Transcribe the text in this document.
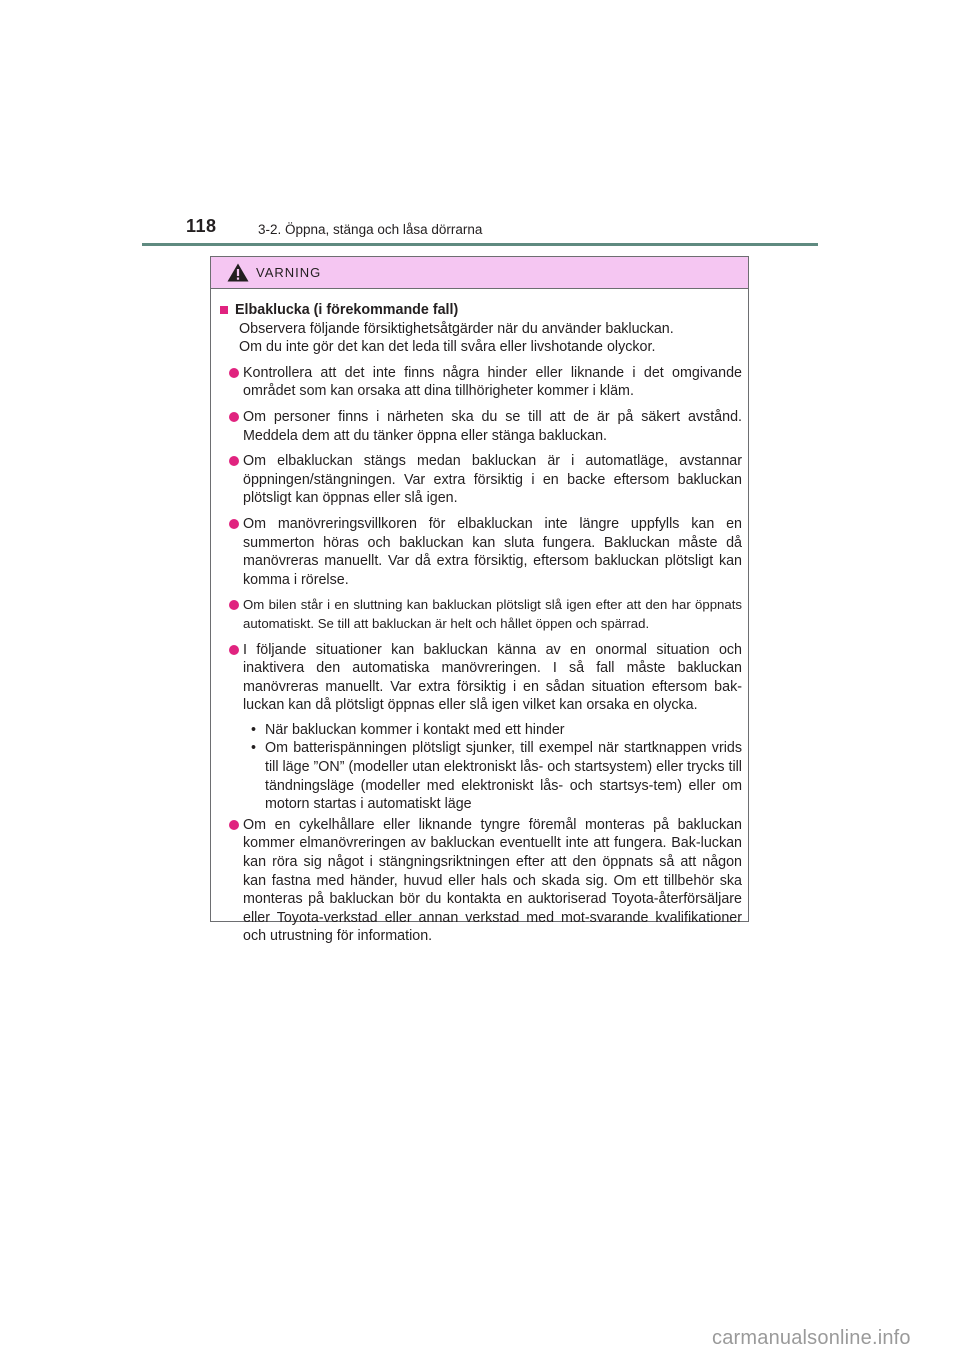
118	3-2. Öppna, stänga och låsa dörrarna
VARNING
Elbaklucka (i förekommande fall)
Observera följande försiktighetsåtgärder när du använder bakluckan.
Om du inte gör det kan det leda till svåra eller livshotande olyckor.
Kontrollera att det inte finns några hinder eller liknande i det omgivande området som kan orsaka att dina tillhörigheter kommer i kläm.
Om personer finns i närheten ska du se till att de är på säkert avstånd. Meddela dem att du tänker öppna eller stänga bakluckan.
Om elbakluckan stängs medan bakluckan är i automatläge, avstannar öppningen/stängningen. Var extra försiktig i en backe eftersom bakluckan plötsligt kan öppnas eller slå igen.
Om manövreringsvillkoren för elbakluckan inte längre uppfylls kan en summerton höras och bakluckan kan sluta fungera. Bakluckan måste då manövreras manuellt. Var då extra försiktig, eftersom bakluckan plötsligt kan komma i rörelse.
Om bilen står i en sluttning kan bakluckan plötsligt slå igen efter att den har öppnats automatiskt. Se till att bakluckan är helt och hållet öppen och spärrad.
I följande situationer kan bakluckan känna av en onormal situation och inaktivera den automatiska manövreringen. I så fall måste bakluckan manövreras manuellt. Var extra försiktig i en sådan situation eftersom bak-luckan kan då plötsligt öppnas eller slå igen vilket kan orsaka en olycka.
• När bakluckan kommer i kontakt med ett hinder
• Om batterispänningen plötsligt sjunker, till exempel när startknappen vrids till läge ”ON” (modeller utan elektroniskt lås- och startsystem) eller trycks till tändningsläge (modeller med elektroniskt lås- och startsys-tem) eller om motorn startas i automatiskt läge
Om en cykelhållare eller liknande tyngre föremål monteras på bakluckan kommer elmanövreringen av bakluckan eventuellt inte att fungera. Bak-luckan kan röra sig något i stängningsriktningen efter att den öppnats så att någon kan fastna med händer, huvud eller hals och skada sig. Om ett tillbehör ska monteras på bakluckan bör du kontakta en auktoriserad Toyota-återförsäljare eller Toyota-verkstad eller annan verkstad med mot-svarande kvalifikationer och utrustning för information.
carmanualsonline.info
